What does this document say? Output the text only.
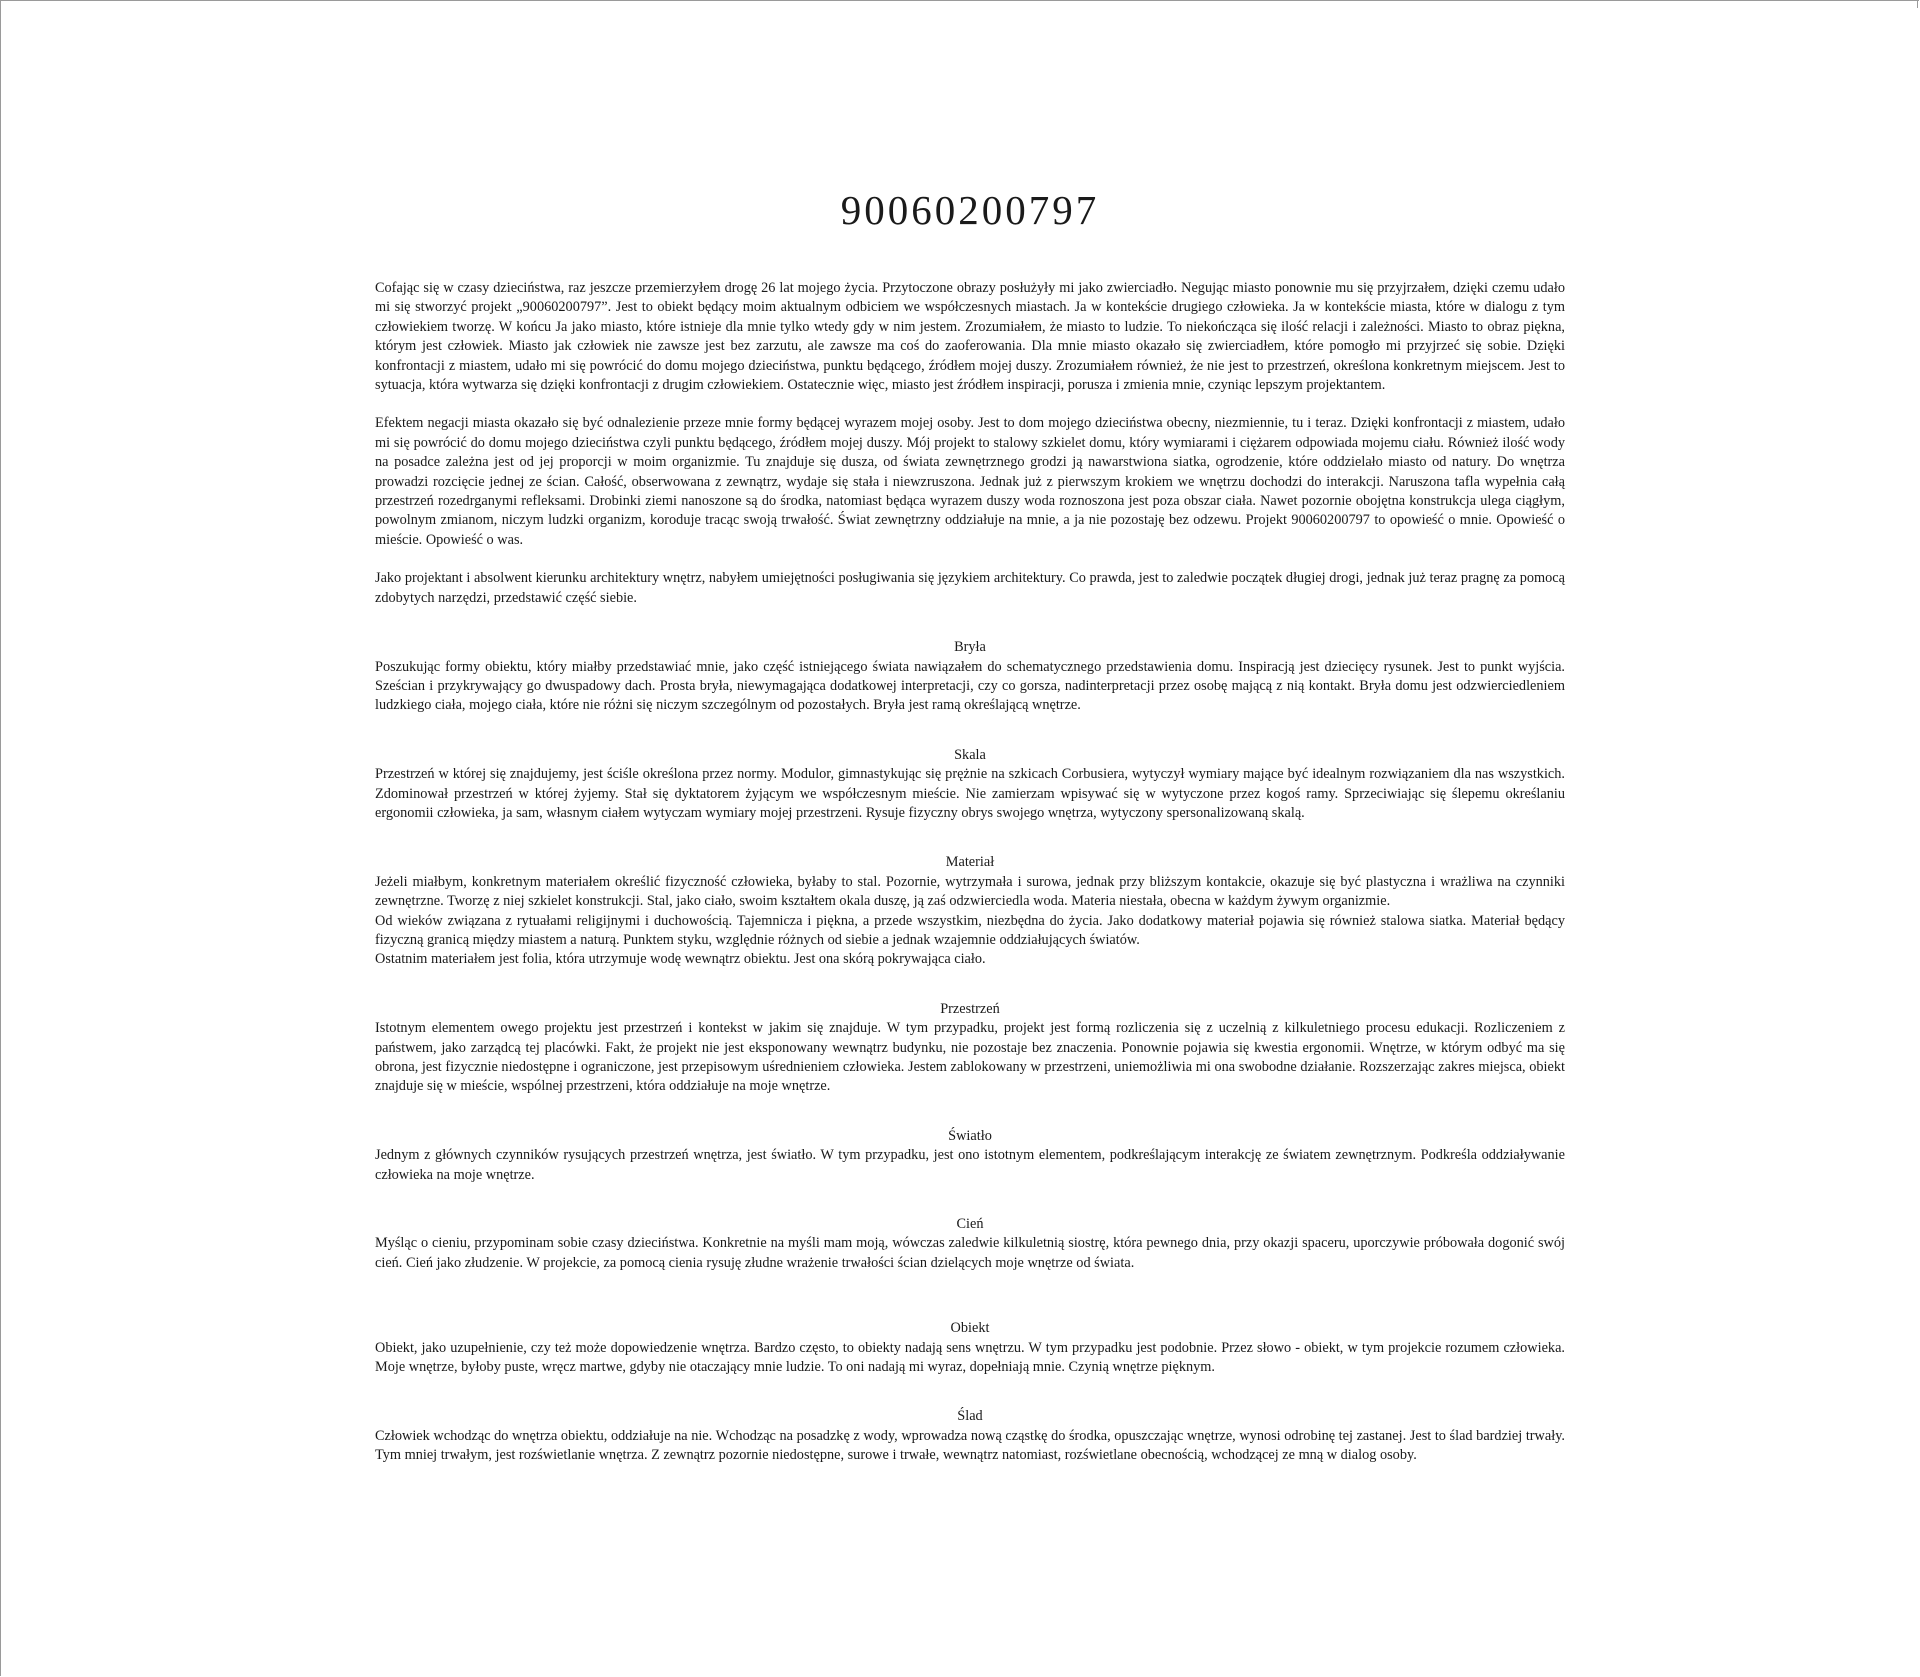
90060200797

Cofając się w czasy dzieciństwa, raz jeszcze przemierzyłem drogę 26 lat mojego życia. Przytoczone obrazy posłużyły mi jako zwierciadło. Negując miasto ponownie mu się przyjrzałem, dzięki czemu udało mi się stworzyć projekt „90060200797”. Jest to obiekt będący moim aktualnym odbiciem we współczesnych miastach. Ja w kontekście drugiego człowieka. Ja w kontekście miasta, które w dialogu z tym człowiekiem tworzę. W końcu Ja jako miasto, które istnieje dla mnie tylko wtedy gdy w nim jestem. Zrozumiałem, że miasto to ludzie. To niekończąca się ilość relacji i zależności. Miasto to obraz piękna, którym jest człowiek. Miasto jak człowiek nie zawsze jest bez zarzutu, ale zawsze ma coś do zaoferowania. Dla mnie miasto okazało się zwierciadłem, które pomogło mi przyjrzeć się sobie. Dzięki konfrontacji z miastem, udało mi się powrócić do domu mojego dzieciństwa, punktu będącego, źródłem mojej duszy. Zrozumiałem również, że nie jest to przestrzeń, określona konkretnym miejscem. Jest to sytuacja, która wytwarza się dzięki konfrontacji z drugim człowiekiem. Ostatecznie więc, miasto jest źródłem inspiracji, porusza i zmienia mnie, czyniąc lepszym projektantem.

Efektem negacji miasta okazało się być odnalezienie przeze mnie formy będącej wyrazem mojej osoby. Jest to dom mojego dzieciństwa obecny, niezmiennie, tu i teraz. Dzięki konfrontacji z miastem, udało mi się powrócić do domu mojego dzieciństwa czyli punktu będącego, źródłem mojej duszy. Mój projekt to stalowy szkielet domu, który wymiarami i ciężarem odpowiada mojemu ciału. Również ilość wody na posadce zależna jest od jej proporcji w moim organizmie. Tu znajduje się dusza, od świata zewnętrznego grodzi ją nawarstwiona siatka, ogrodzenie, które oddzielało miasto od natury. Do wnętrza prowadzi rozcięcie jednej ze ścian. Całość, obserwowana z zewnątrz, wydaje się stała i niewzruszona. Jednak już z pierwszym krokiem we wnętrzu dochodzi do interakcji. Naruszona tafla wypełnia całą przestrzeń rozedrganymi refleksami. Drobinki ziemi nanoszone są do środka, natomiast będąca wyrazem duszy woda roznoszona jest poza obszar ciała. Nawet pozornie obojętna konstrukcja ulega ciągłym, powolnym zmianom, niczym ludzki organizm, koroduje tracąc swoją trwałość. Świat zewnętrzny oddziałuje na mnie, a ja nie pozostaję bez odzewu. Projekt 90060200797 to opowieść o mnie. Opowieść o mieście. Opowieść o was.

Jako projektant i absolwent kierunku architektury wnętrz, nabyłem umiejętności posługiwania się językiem architektury. Co prawda, jest to zaledwie początek długiej drogi, jednak już teraz pragnę za pomocą zdobytych narzędzi, przedstawić część siebie.

Bryła

Poszukując formy obiektu, który miałby przedstawiać mnie, jako część istniejącego świata nawiązałem do schematycznego przedstawienia domu. Inspiracją jest dziecięcy rysunek. Jest to punkt wyjścia. Sześcian i przykrywający go dwuspadowy dach. Prosta bryła, niewymagająca dodatkowej interpretacji, czy co gorsza, nadinterpretacji przez osobę mającą z nią kontakt. Bryła domu jest odzwierciedleniem ludzkiego ciała, mojego ciała, które nie różni się niczym szczególnym od pozostałych. Bryła jest ramą określającą wnętrze.

Skala

Przestrzeń w której się znajdujemy, jest ściśle określona przez normy. Modulor, gimnastykując się prężnie na szkicach Corbusiera, wytyczył wymiary mające być idealnym rozwiązaniem dla nas wszystkich. Zdominował przestrzeń w której żyjemy. Stał się dyktatorem żyjącym we współczesnym mieście. Nie zamierzam wpisywać się w wytyczone przez kogoś ramy. Sprzeciwiając się ślepemu określaniu ergonomii człowieka, ja sam, własnym ciałem wytyczam wymiary mojej przestrzeni. Rysuje fizyczny obrys swojego wnętrza, wytyczony spersonalizowaną skalą.

Materiał

Jeżeli miałbym, konkretnym materiałem określić fizyczność człowieka, byłaby to stal. Pozornie, wytrzymała i surowa, jednak przy bliższym kontakcie, okazuje się być plastyczna i wrażliwa na czynniki zewnętrzne. Tworzę z niej szkielet konstrukcji. Stal, jako ciało, swoim kształtem okala duszę, ją zaś odzwierciedla woda. Materia niestała, obecna w każdym żywym organizmie.
Od wieków związana z rytuałami religijnymi i duchowością. Tajemnicza i piękna, a przede wszystkim, niezbędna do życia. Jako dodatkowy materiał pojawia się również stalowa siatka. Materiał będący fizyczną granicą między miastem a naturą. Punktem styku, względnie różnych od siebie a jednak wzajemnie oddziałujących światów.
Ostatnim materiałem jest folia, która utrzymuje wodę wewnątrz obiektu. Jest ona skórą pokrywająca ciało.

Przestrzeń

Istotnym elementem owego projektu jest przestrzeń i kontekst w jakim się znajduje. W tym przypadku, projekt jest formą rozliczenia się z uczelnią z kilkuletniego procesu edukacji. Rozliczeniem z państwem, jako zarządcą tej placówki. Fakt, że projekt nie jest eksponowany wewnątrz budynku, nie pozostaje bez znaczenia. Ponownie pojawia się kwestia ergonomii. Wnętrze, w którym odbyć ma się obrona, jest fizycznie niedostępne i ograniczone, jest przepisowym uśrednieniem człowieka. Jestem zablokowany w przestrzeni, uniemożliwia mi ona swobodne działanie. Rozszerzając zakres miejsca, obiekt znajduje się w mieście, wspólnej przestrzeni, która oddziałuje na moje wnętrze.

Światło

Jednym z głównych czynników rysujących przestrzeń wnętrza, jest światło. W tym przypadku, jest ono istotnym elementem, podkreślającym interakcję ze światem zewnętrznym. Podkreśla oddziaływanie człowieka na moje wnętrze.

Cień

Myśląc o cieniu, przypominam sobie czasy dzieciństwa. Konkretnie na myśli mam moją, wówczas zaledwie kilkuletnią siostrę, która pewnego dnia, przy okazji spaceru, uporczywie próbowała dogonić swój cień. Cień jako złudzenie. W projekcie, za pomocą cienia rysuję złudne wrażenie trwałości ścian dzielących moje wnętrze od świata.

Obiekt

Obiekt, jako uzupełnienie, czy też może dopowiedzenie wnętrza. Bardzo często, to obiekty nadają sens wnętrzu. W tym przypadku jest podobnie. Przez słowo - obiekt, w tym projekcie rozumem człowieka. Moje wnętrze, byłoby puste, wręcz martwe, gdyby nie otaczający mnie ludzie. To oni nadają mi wyraz, dopełniają mnie. Czynią wnętrze pięknym.

Ślad

Człowiek wchodząc do wnętrza obiektu, oddziałuje na nie. Wchodząc na posadzkę z wody, wprowadza nową cząstkę do środka, opuszczając wnętrze, wynosi odrobinę tej zastanej. Jest to ślad bardziej trwały. Tym mniej trwałym, jest rozświetlanie wnętrza. Z zewnątrz pozornie niedostępne, surowe i trwałe, wewnątrz natomiast, rozświetlane obecnością, wchodzącej ze mną w dialog osoby.
